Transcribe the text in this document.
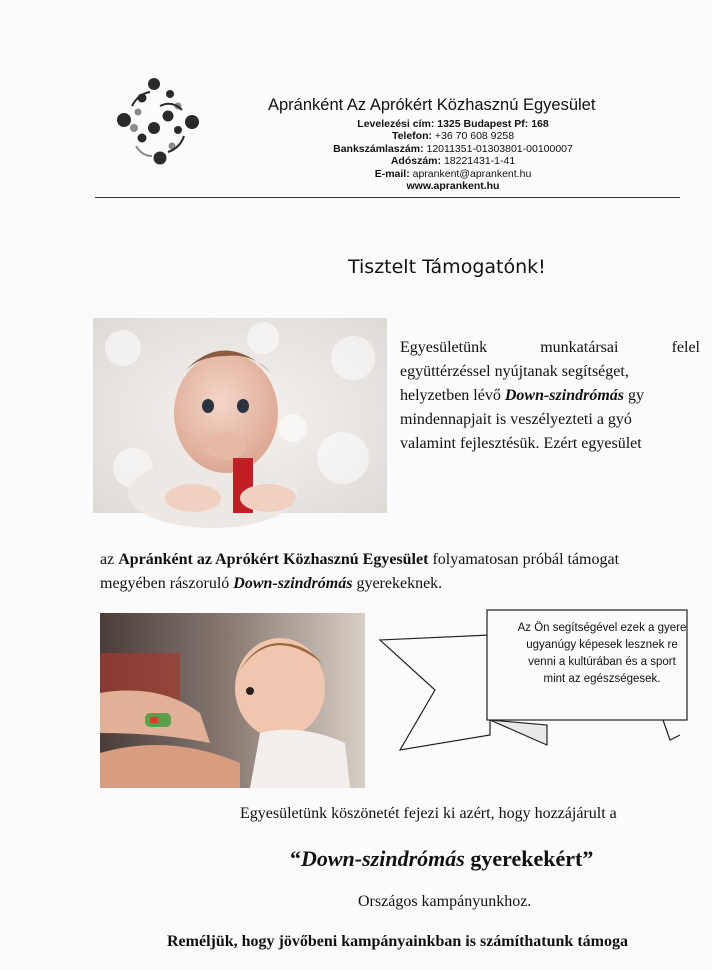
Apránként Az Aprókért Közhasznú Egyesület
Levelezési cím: 1325 Budapest Pf: 168
Telefon: +36 70 608 9258
Bankszámlaszám: 12011351-01303801-00100007
Adószám: 18221431-1-41
E-mail: aprankent@aprankent.hu
www.aprankent.hu
Tisztelt Támogatónk!
Egyesületünk	munkatársai	felel
együttérzéssel nyújtanak segítséget,
helyzetben lévő Down-szindrómás gy
mindennapjait is veszélyezteti a gyó
valamint fejlesztésük. Ezért egyesület
az Apránként az Aprókért Közhasznú Egyesület folyamatosan próbál támogat
megyében rászoruló Down-szindrómás gyerekeknek.
Az Ön segítségével ezek a gyere
ugyanúgy képesek lesznek re
venni a kultúrában és a sport
mint az egészségesek.
Egyesületünk köszönetét fejezi ki azért, hogy hozzájárult a
“Down-szindrómás gyerekekért”
Országos kampányunkhoz.
Reméljük, hogy jövőbeni kampányainkban is számíthatunk támoga
